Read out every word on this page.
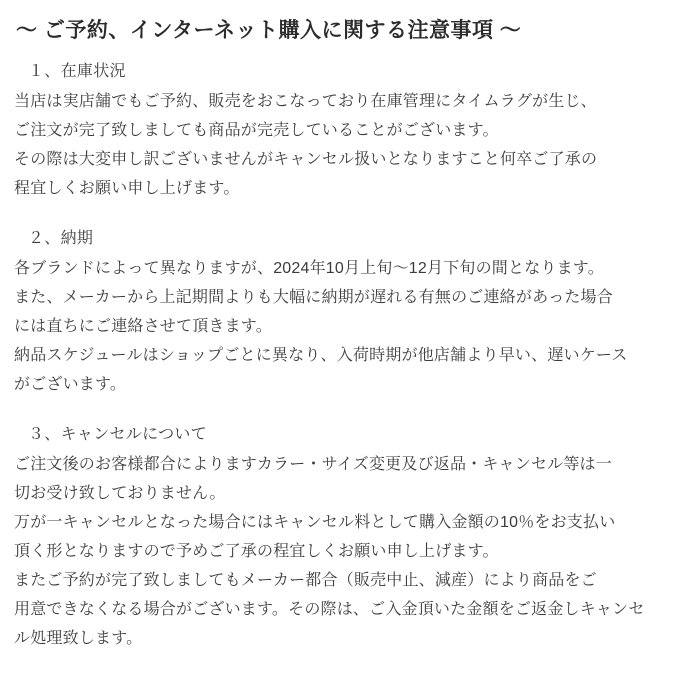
〜 ご予約、インターネット購入に関する注意事項 〜
１、在庫状況
当店は実店舗でもご予約、販売をおこなっており在庫管理にタイムラグが生じ、
ご注文が完了致しましても商品が完売していることがございます。
その際は大変申し訳ございませんがキャンセル扱いとなりますこと何卒ご了承の
程宜しくお願い申し上げます。
２、納期
各ブランドによって異なりますが、2024年10月上旬〜12月下旬の間となります。
また、メーカーから上記期間よりも大幅に納期が遅れる有無のご連絡があった場合
には直ちにご連絡させて頂きます。
納品スケジュールはショップごとに異なり、入荷時期が他店舗より早い、遅いケース
がございます。
３、キャンセルについて
ご注文後のお客様都合によりますカラー・サイズ変更及び返品・キャンセル等は一
切お受け致しておりません。
万が一キャンセルとなった場合にはキャンセル料として購入金額の10％をお支払い
頂く形となりますので予めご了承の程宜しくお願い申し上げます。
またご予約が完了致しましてもメーカー都合（販売中止、減産）により商品をご
用意できなくなる場合がございます。その際は、ご入金頂いた金額をご返金しキャンセ
ル処理致します。
